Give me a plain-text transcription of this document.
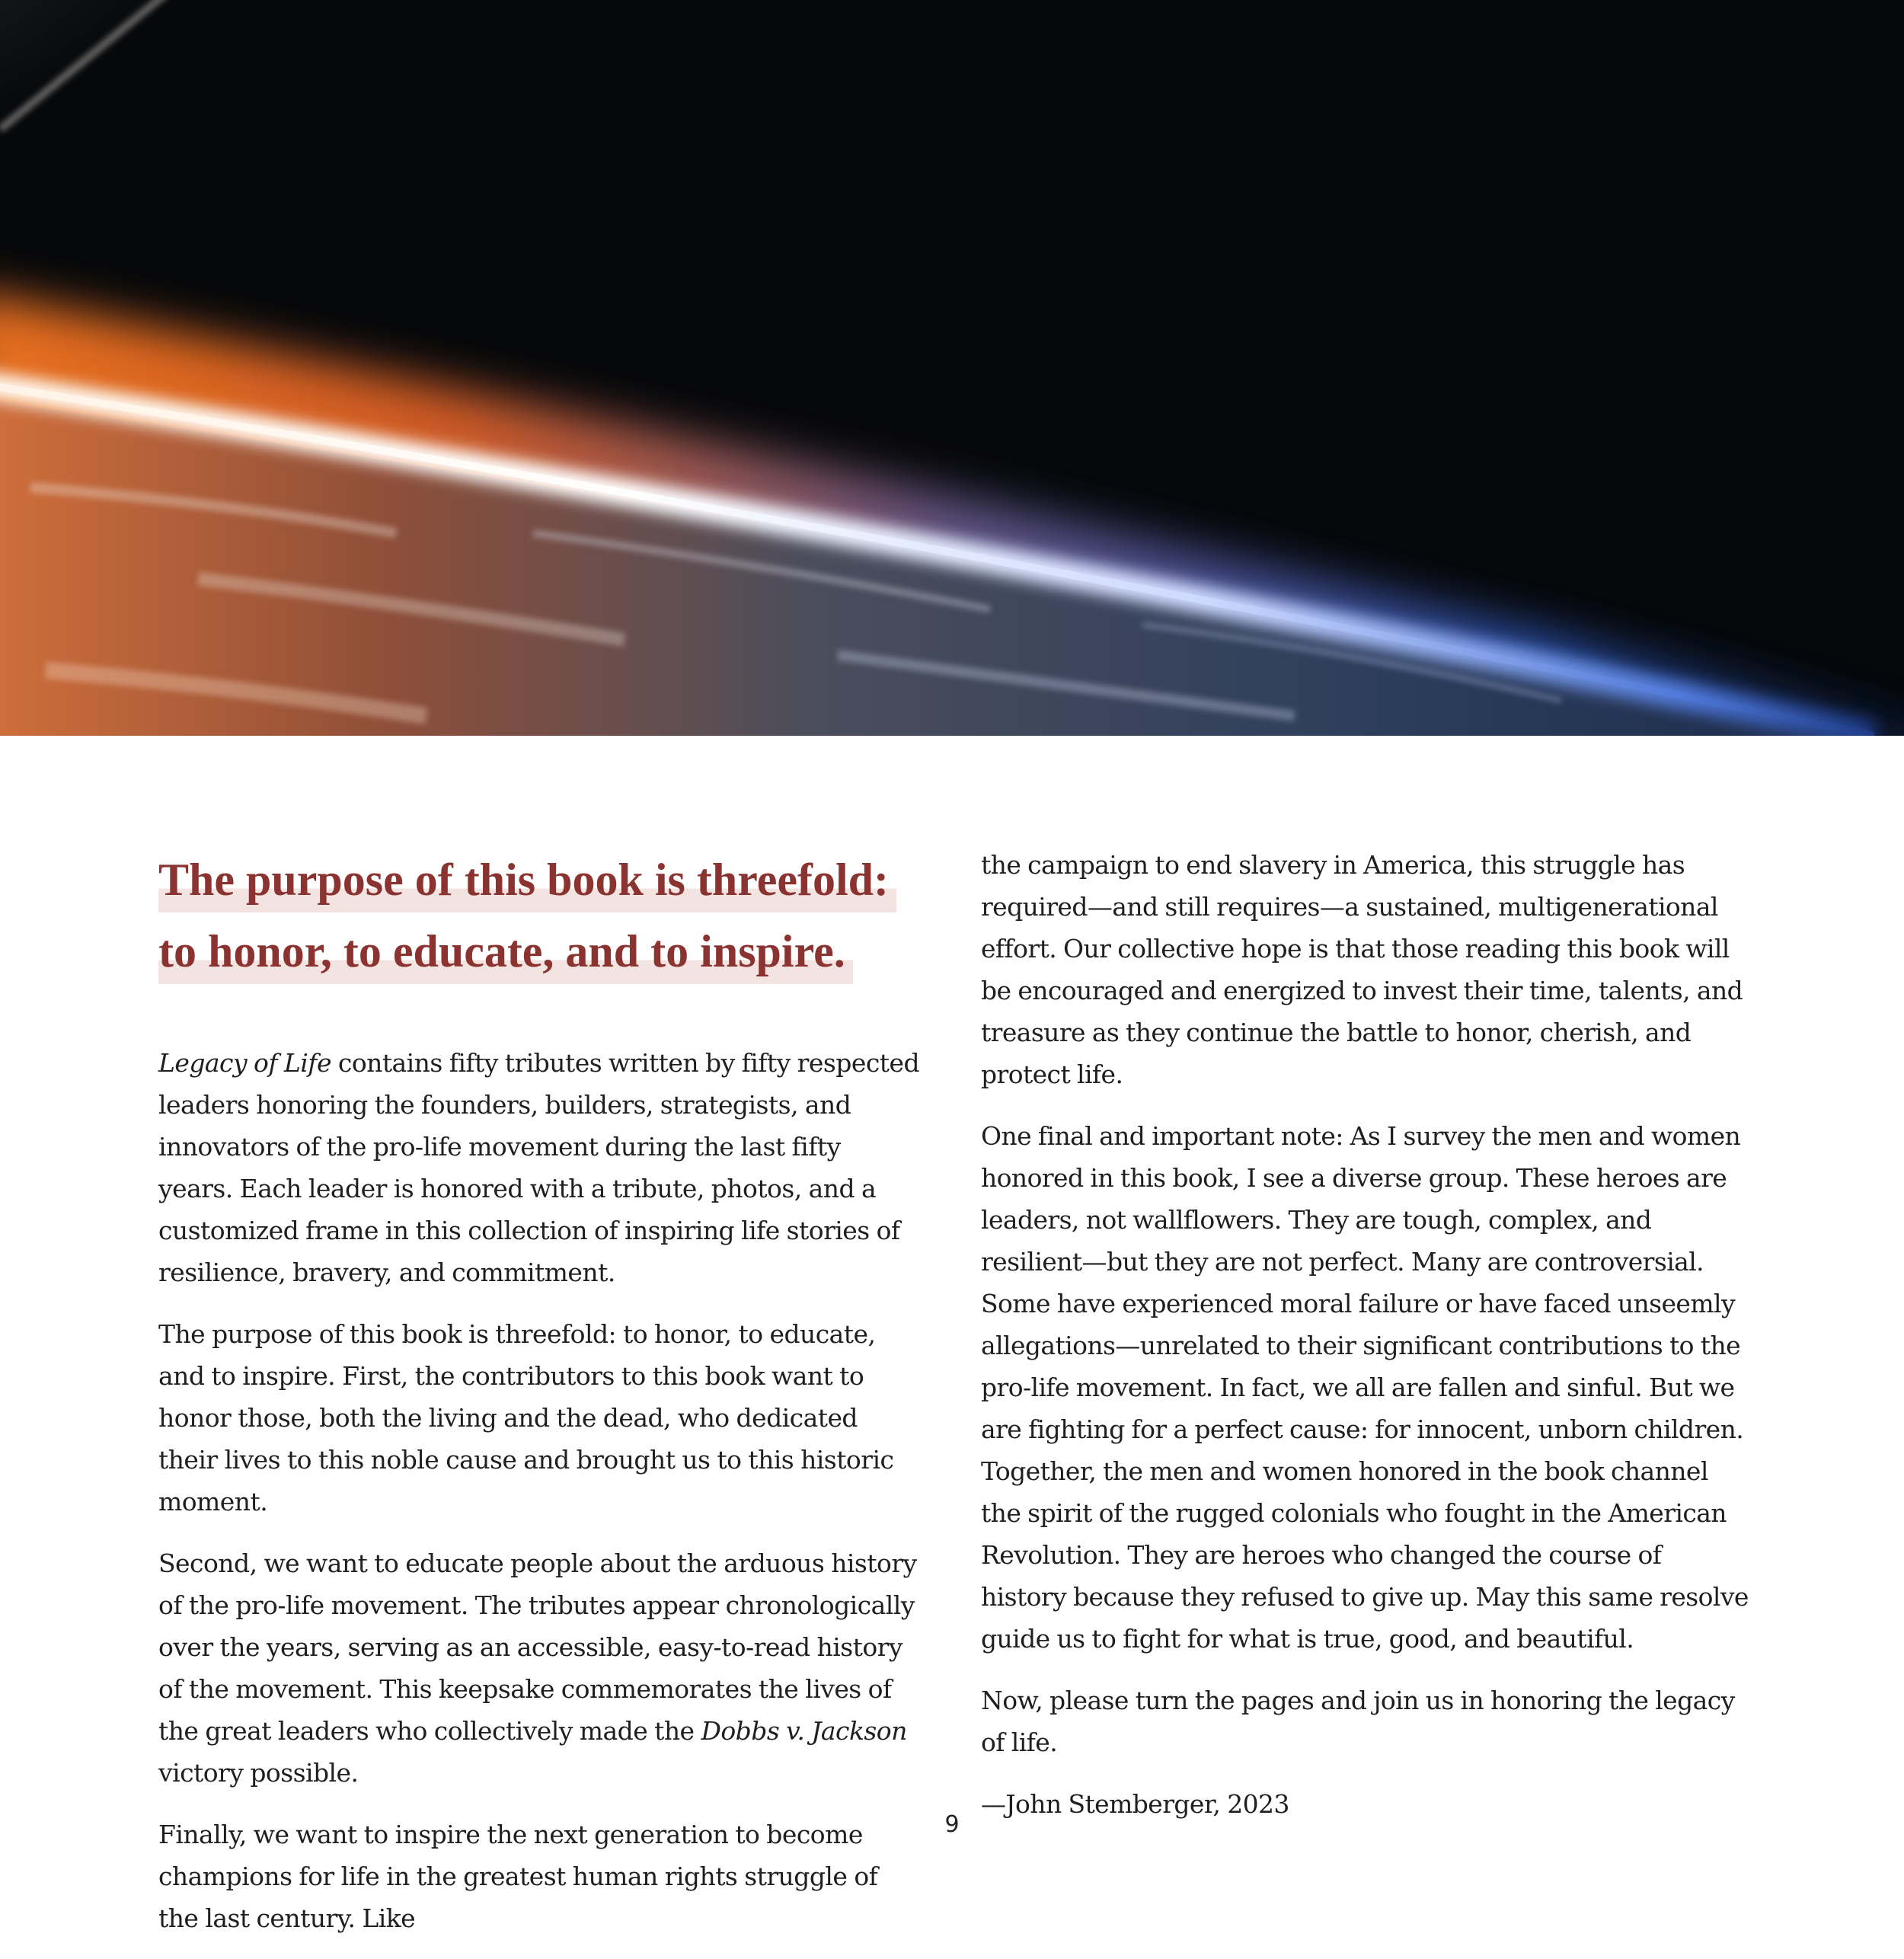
The purpose of this book is threefold:
to honor, to educate, and to inspire.

Legacy of Life contains fifty tributes written by fifty respected leaders honoring the founders, builders, strategists, and innovators of the pro-life movement during the last fifty years. Each leader is honored with a tribute, photos, and a customized frame in this collection of inspiring life stories of resilience, bravery, and commitment.

The purpose of this book is threefold: to honor, to educate, and to inspire. First, the contributors to this book want to honor those, both the living and the dead, who dedicated their lives to this noble cause and brought us to this historic moment.

Second, we want to educate people about the arduous history of the pro-life movement. The tributes appear chronologically over the years, serving as an accessible, easy-to-read history of the movement. This keepsake commemorates the lives of the great leaders who collectively made the Dobbs v. Jackson victory possible.

Finally, we want to inspire the next generation to become champions for life in the greatest human rights struggle of the last century. Like

the campaign to end slavery in America, this struggle has required—and still requires—a sustained, multigenerational effort. Our collective hope is that those reading this book will be encouraged and energized to invest their time, talents, and treasure as they continue the battle to honor, cherish, and protect life.

One final and important note: As I survey the men and women honored in this book, I see a diverse group. These heroes are leaders, not wallflowers. They are tough, complex, and resilient—but they are not perfect. Many are controversial. Some have experienced moral failure or have faced unseemly allegations—unrelated to their significant contributions to the pro-life movement. In fact, we all are fallen and sinful. But we are fighting for a perfect cause: for innocent, unborn children. Together, the men and women honored in the book channel the spirit of the rugged colonials who fought in the American Revolution. They are heroes who changed the course of history because they refused to give up. May this same resolve guide us to fight for what is true, good, and beautiful.

Now, please turn the pages and join us in honoring the legacy of life.

—John Stemberger, 2023

9
